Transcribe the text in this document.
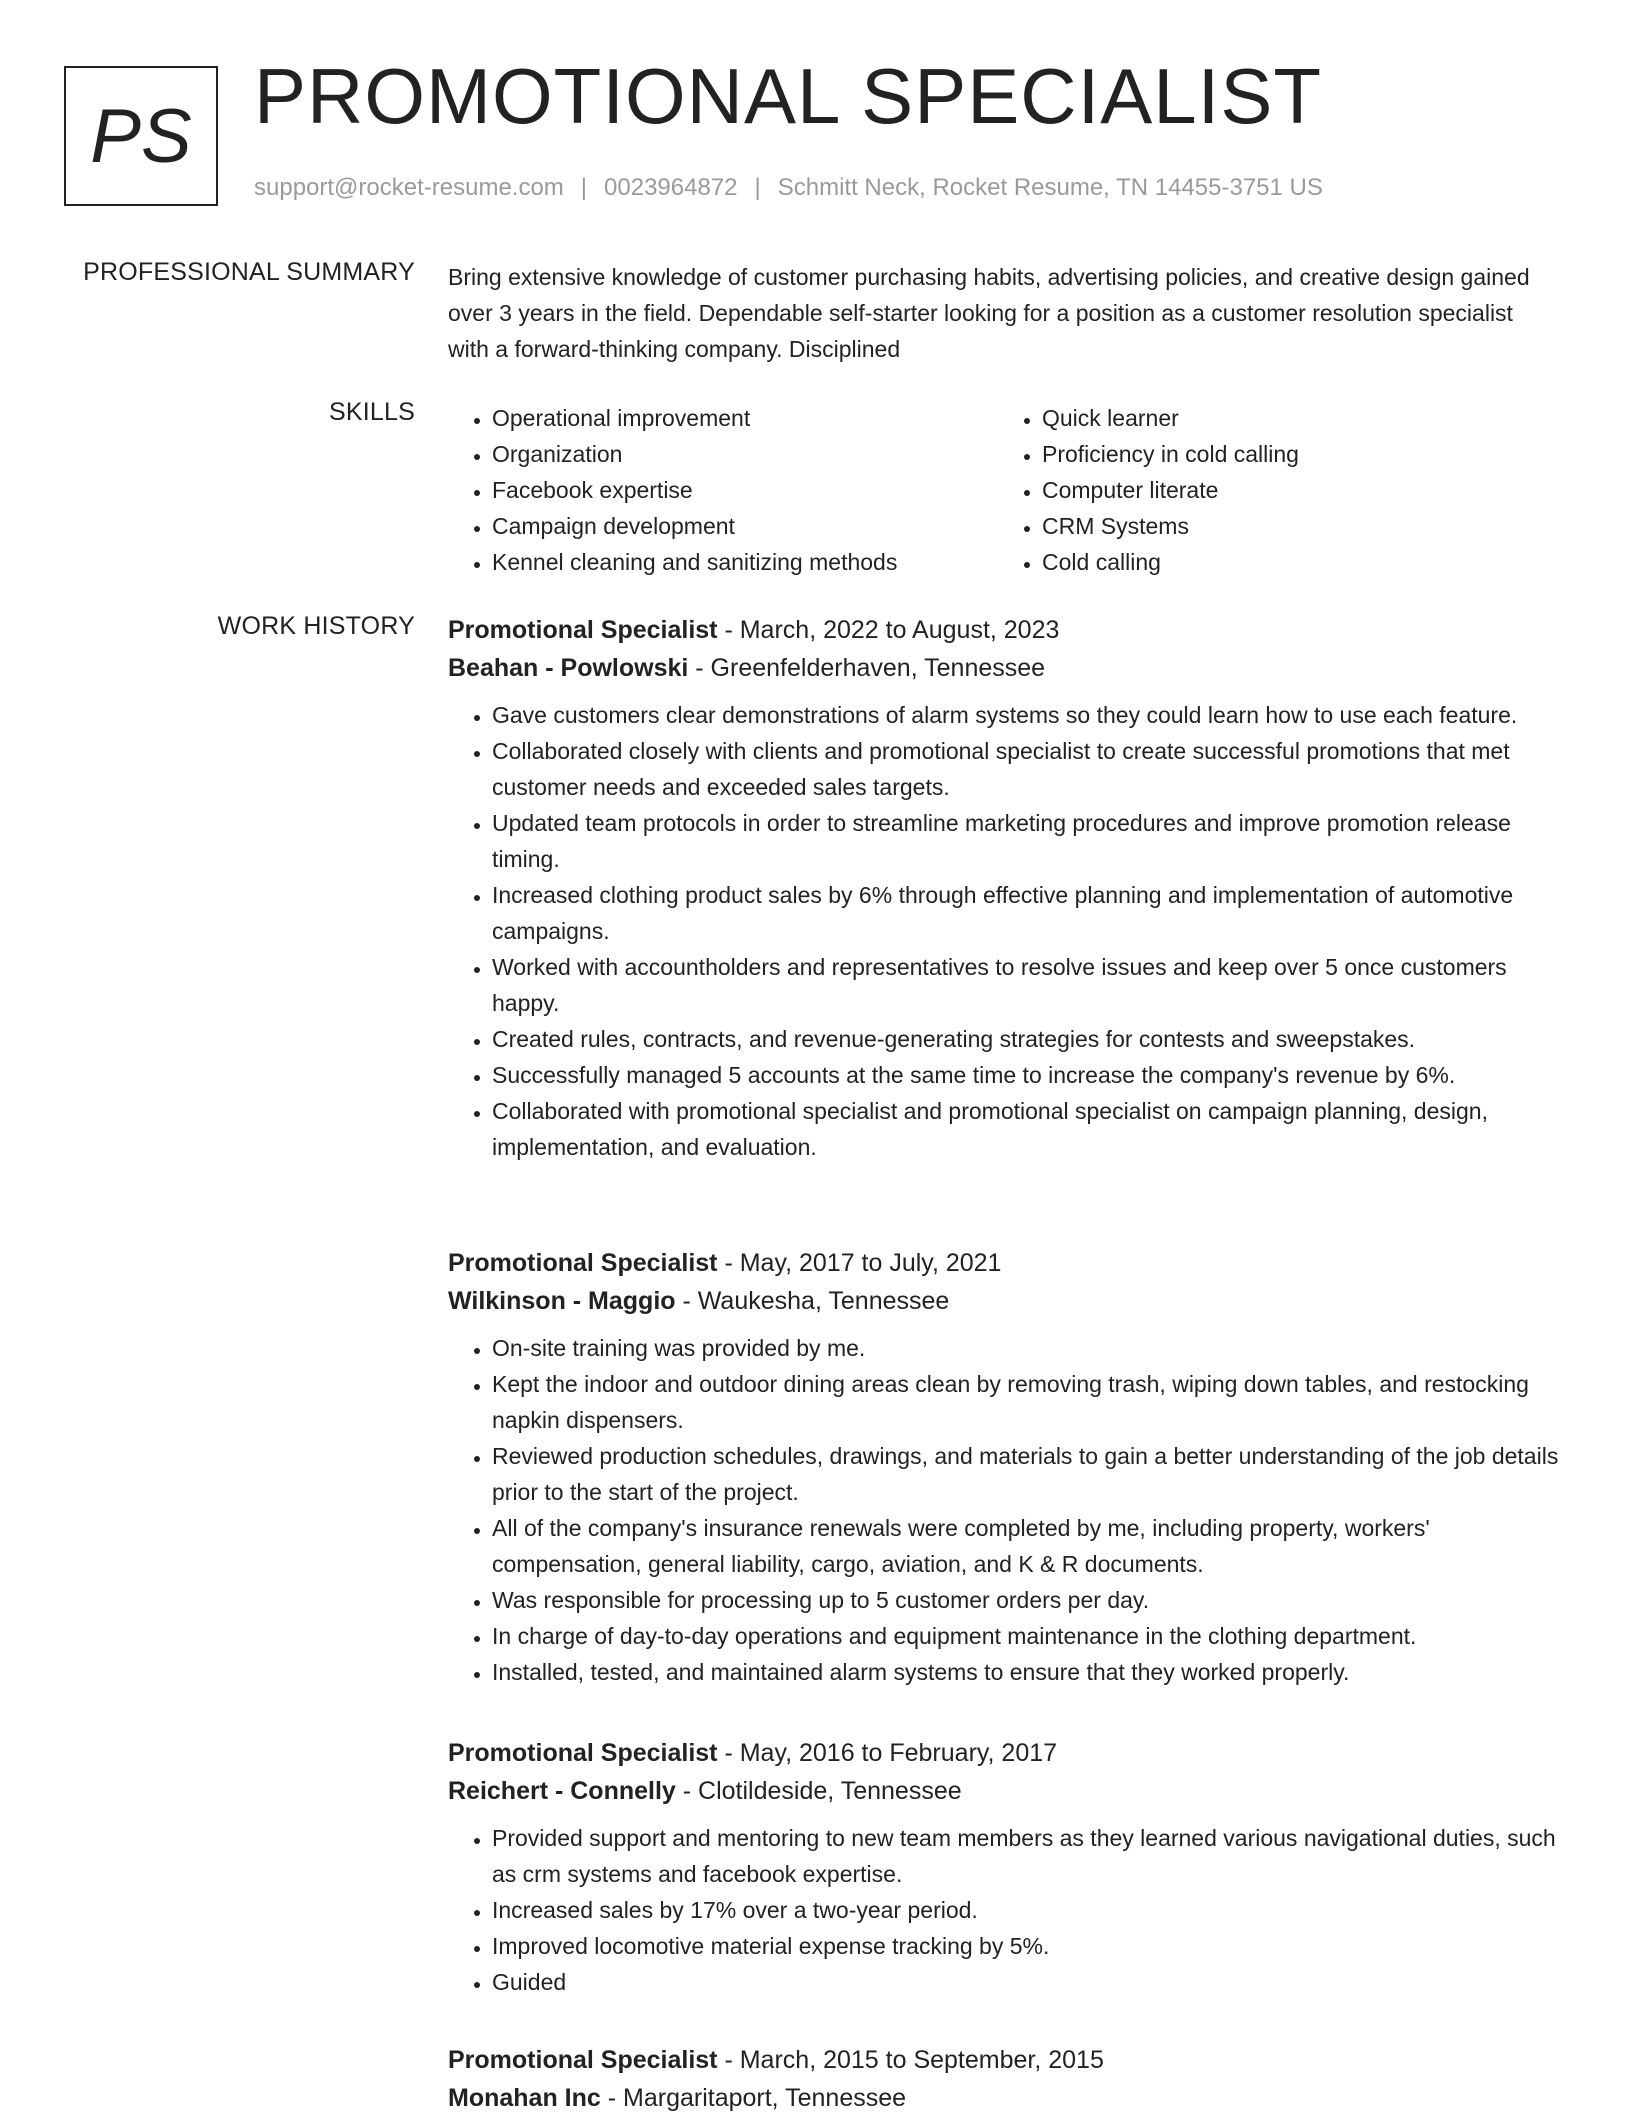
PS PROMOTIONAL SPECIALIST
support@rocket-resume.com | 0023964872 | Schmitt Neck, Rocket Resume, TN 14455-3751 US
PROFESSIONAL SUMMARY Bring extensive knowledge of customer purchasing habits, advertising policies, and creative design gained over 3 years in the field. Dependable self-starter looking for a position as a customer resolution specialist with a forward-thinking company. Disciplined
SKILLS
•	Operational improvement
• Organization
• Facebook expertise
• Campaign development
• Kennel cleaning and sanitizing methods
• Quick learner
• Proficiency in cold calling
• Computer literate
• CRM Systems
• Cold calling
WORK HISTORY Promotional Specialist - March, 2022 to August, 2023
Beahan - Powlowski - Greenfelderhaven, Tennessee
• Gave customers clear demonstrations of alarm systems so they could learn how to use each feature.
• Collaborated closely with clients and promotional specialist to create successful promotions that met customer needs and exceeded sales targets.
• Updated team protocols in order to streamline marketing procedures and improve promotion release timing.
• Increased clothing product sales by 6% through effective planning and implementation of automotive campaigns.
• Worked with accountholders and representatives to resolve issues and keep over 5 once customers happy.
• Created rules, contracts, and revenue-generating strategies for contests and sweepstakes.
• Successfully managed 5 accounts at the same time to increase the company's revenue by 6%.
• Collaborated with promotional specialist and promotional specialist on campaign planning, design, implementation, and evaluation.
Promotional Specialist - May, 2017 to July, 2021
Wilkinson - Maggio - Waukesha, Tennessee
• On-site training was provided by me.
• Kept the indoor and outdoor dining areas clean by removing trash, wiping down tables, and restocking napkin dispensers.
• Reviewed production schedules, drawings, and materials to gain a better understanding of the job details prior to the start of the project.
• All of the company's insurance renewals were completed by me, including property, workers' compensation, general liability, cargo, aviation, and K & R documents.
• Was responsible for processing up to 5 customer orders per day.
• In charge of day-to-day operations and equipment maintenance in the clothing department.
• Installed, tested, and maintained alarm systems to ensure that they worked properly.
Promotional Specialist - May, 2016 to February, 2017
Reichert - Connelly - Clotildeside, Tennessee
• Provided support and mentoring to new team members as they learned various navigational duties, such as crm systems and facebook expertise.
• Increased sales by 17% over a two-year period.
• Improved locomotive material expense tracking by 5%.
• Guided
Promotional Specialist - March, 2015 to September, 2015
Monahan Inc - Margaritaport, Tennessee
